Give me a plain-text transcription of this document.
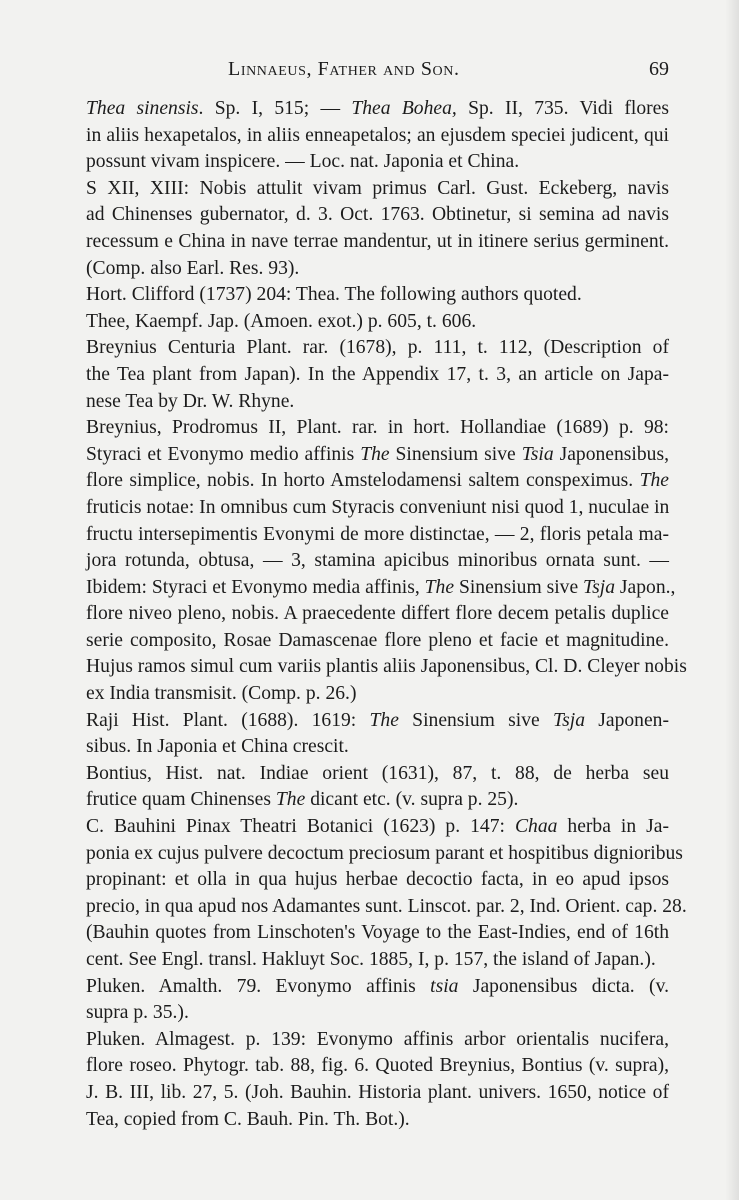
Linnaeus, Father and Son.	69
Thea sinensis. Sp. I, 515; — Thea Bohea, Sp. II, 735. Vidi flores
in aliis hexapetalos, in aliis enneapetalos; an ejusdem speciei judicent, qui
possunt vivam inspicere. — Loc. nat. Japonia et China.
S XII, XIII: Nobis attulit vivam primus Carl. Gust. Eckeberg, navis
ad Chinenses gubernator, d. 3. Oct. 1763. Obtinetur, si semina ad navis
recessum e China in nave terrae mandentur, ut in itinere serius germinent.
(Comp. also Earl. Res. 93).
Hort. Clifford (1737) 204: Thea. The following authors quoted.
Thee, Kaempf. Jap. (Amoen. exot.) p. 605, t. 606.
Breynius Centuria Plant. rar. (1678), p. 111, t. 112, (Description of
the Tea plant from Japan). In the Appendix 17, t. 3, an article on Japa-
nese Tea by Dr. W. Rhyne.
Breynius, Prodromus II, Plant. rar. in hort. Hollandiae (1689) p. 98:
Styraci et Evonymo medio affinis The Sinensium sive Tsia Japonensibus,
flore simplice, nobis. In horto Amstelodamensi saltem conspeximus. The
fruticis notae: In omnibus cum Styracis conveniunt nisi quod 1, nuculae in
fructu intersepimentis Evonymi de more distinctae, — 2, floris petala ma-
jora rotunda, obtusa, — 3, stamina apicibus minoribus ornata sunt. —
Ibidem: Styraci et Evonymo media affinis, The Sinensium sive Tsja Japon.,
flore niveo pleno, nobis. A praecedente differt flore decem petalis duplice
serie composito, Rosae Damascenae flore pleno et facie et magnitudine.
Hujus ramos simul cum variis plantis aliis Japonensibus, Cl. D. Cleyer nobis
ex India transmisit. (Comp. p. 26.)
Raji Hist. Plant. (1688). 1619: The Sinensium sive Tsja Japonen-
sibus. In Japonia et China crescit.
Bontius, Hist. nat. Indiae orient (1631), 87, t. 88, de herba seu
frutice quam Chinenses The dicant etc. (v. supra p. 25).
C. Bauhini Pinax Theatri Botanici (1623) p. 147: Chaa herba in Ja-
ponia ex cujus pulvere decoctum preciosum parant et hospitibus dignioribus
propinant: et olla in qua hujus herbae decoctio facta, in eo apud ipsos
precio, in qua apud nos Adamantes sunt. Linscot. par. 2, Ind. Orient. cap. 28.
(Bauhin quotes from Linschoten's Voyage to the East-Indies, end of 16th
cent. See Engl. transl. Hakluyt Soc. 1885, I, p. 157, the island of Japan.).
Pluken. Amalth. 79. Evonymo affinis tsia Japonensibus dicta. (v.
supra p. 35.).
Pluken. Almagest. p. 139: Evonymo affinis arbor orientalis nucifera,
flore roseo. Phytogr. tab. 88, fig. 6. Quoted Breynius, Bontius (v. supra),
J. B. III, lib. 27, 5. (Joh. Bauhin. Historia plant. univers. 1650, notice of
Tea, copied from C. Bauh. Pin. Th. Bot.).
